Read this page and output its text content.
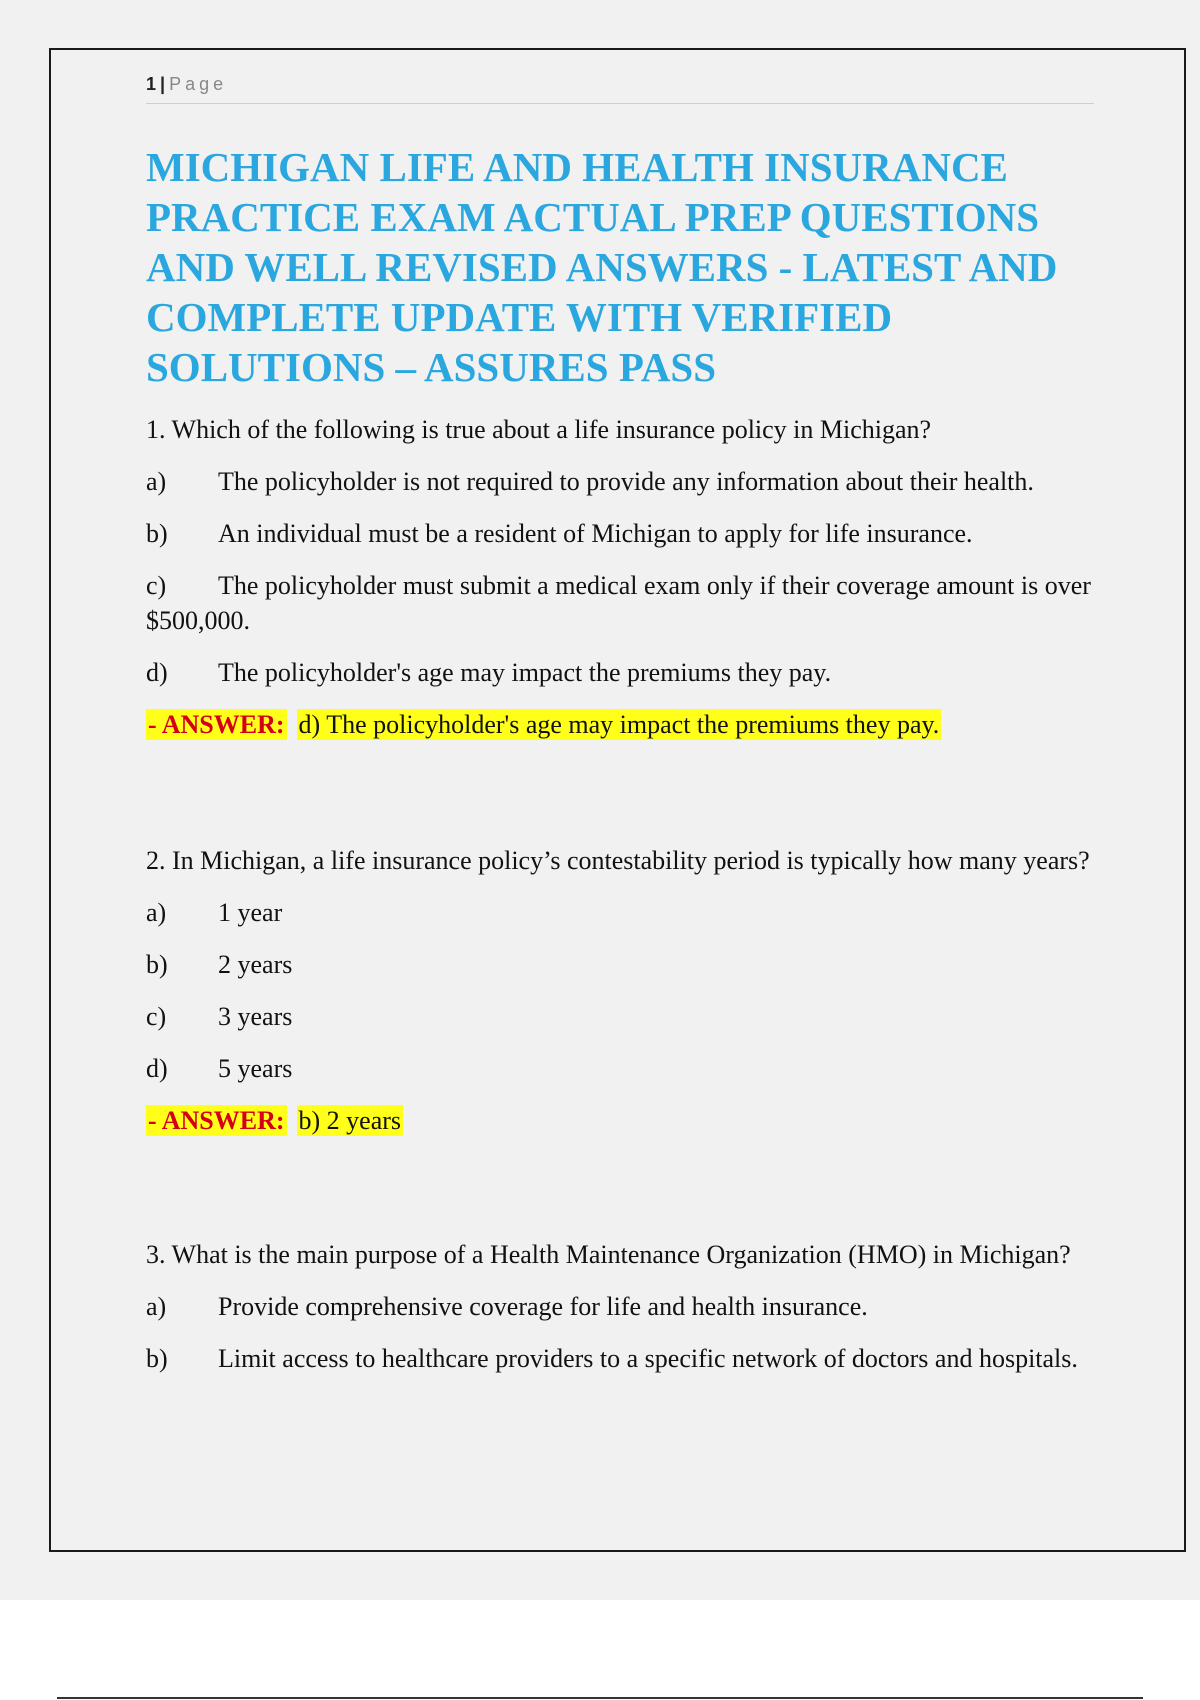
1 | Page
MICHIGAN LIFE AND HEALTH INSURANCE PRACTICE EXAM ACTUAL PREP QUESTIONS AND WELL REVISED ANSWERS - LATEST AND COMPLETE UPDATE WITH VERIFIED SOLUTIONS – ASSURES PASS

1. Which of the following is true about a life insurance policy in Michigan?

a) The policyholder is not required to provide any information about their health.

b) An individual must be a resident of Michigan to apply for life insurance.

c) The policyholder must submit a medical exam only if their coverage amount is over $500,000.

d) The policyholder's age may impact the premiums they pay.

- ANSWER: d) The policyholder's age may impact the premiums they pay.

2. In Michigan, a life insurance policy’s contestability period is typically how many years?

a) 1 year

b) 2 years

c) 3 years

d) 5 years

- ANSWER: b) 2 years

3. What is the main purpose of a Health Maintenance Organization (HMO) in Michigan?

a) Provide comprehensive coverage for life and health insurance.

b) Limit access to healthcare providers to a specific network of doctors and hospitals.
